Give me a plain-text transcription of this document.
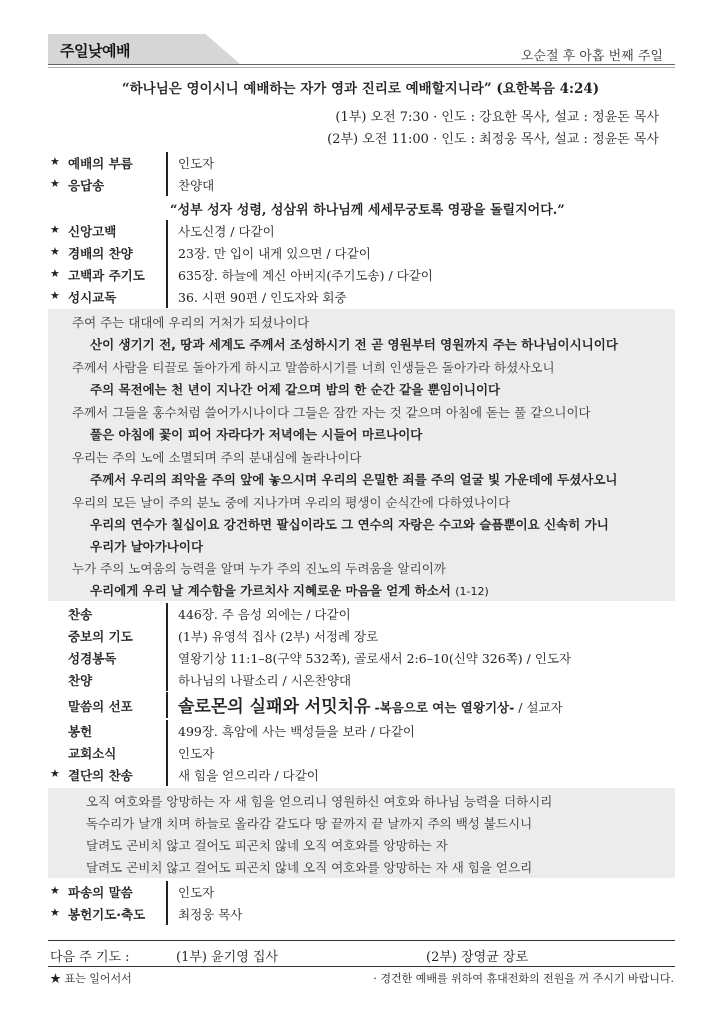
주일낮예배	오순절 후 아홉 번째 주일
“하나님은 영이시니 예배하는 자가 영과 진리로 예배할지니라” (요한복음 4:24)
(1부) 오전 7:30 · 인도 : 강요한 목사, 설교 : 정윤돈 목사
(2부) 오전 11:00 · 인도 : 최정웅 목사, 설교 : 정윤돈 목사
★ 예배의 부름	인도자
★ 응답송	찬양대
“성부 성자 성령, 성삼위 하나님께 세세무궁토록 영광을 돌릴지어다.”
★ 신앙고백	사도신경 / 다같이
★ 경배의 찬양	23장. 만 입이 내게 있으면 / 다같이
★ 고백과 주기도	635장. 하늘에 계신 아버지(주기도송) / 다같이
★ 성시교독	36. 시편 90편 / 인도자와 회중
주여 주는 대대에 우리의 거처가 되셨나이다
산이 생기기 전, 땅과 세계도 주께서 조성하시기 전 곧 영원부터 영원까지 주는 하나님이시니이다
주께서 사람을 티끌로 돌아가게 하시고 말씀하시기를 너희 인생들은 돌아가라 하셨사오니
주의 목전에는 천 년이 지나간 어제 같으며 밤의 한 순간 같을 뿐임이니이다
주께서 그들을 홍수처럼 쓸어가시나이다 그들은 잠깐 자는 것 같으며 아침에 돋는 풀 같으니이다
풀은 아침에 꽃이 피어 자라다가 저녁에는 시들어 마르나이다
우리는 주의 노에 소멸되며 주의 분내심에 놀라나이다
주께서 우리의 죄악을 주의 앞에 놓으시며 우리의 은밀한 죄를 주의 얼굴 빛 가운데에 두셨사오니
우리의 모든 날이 주의 분노 중에 지나가며 우리의 평생이 순식간에 다하였나이다
우리의 연수가 칠십이요 강건하면 팔십이라도 그 연수의 자랑은 수고와 슬픔뿐이요 신속히 가니
우리가 날아가나이다
누가 주의 노여움의 능력을 알며 누가 주의 진노의 두려움을 알리이까
우리에게 우리 날 계수함을 가르치사 지혜로운 마음을 얻게 하소서 (1-12)
찬송	446장. 주 음성 외에는 / 다같이
중보의 기도	(1부) 유영석 집사 (2부) 서정례 장로
성경봉독	열왕기상 11:1–8(구약 532쪽), 골로새서 2:6–10(신약 326쪽) / 인도자
찬양	하나님의 나팔소리 / 시온찬양대
말씀의 선포	솔로몬의 실패와 서밋치유 -복음으로 여는 열왕기상- / 설교자
봉헌	499장. 흑암에 사는 백성들을 보라 / 다같이
교회소식	인도자
★ 결단의 찬송	새 힘을 얻으리라 / 다같이
오직 여호와를 앙망하는 자 새 힘을 얻으리니 영원하신 여호와 하나님 능력을 더하시리
독수리가 날개 치며 하늘로 올라감 같도다 땅 끝까지 끝 날까지 주의 백성 붙드시니
달려도 곤비치 않고 걸어도 피곤치 않네 오직 여호와를 앙망하는 자
달려도 곤비치 않고 걸어도 피곤치 않네 오직 여호와를 앙망하는 자 새 힘을 얻으리
★ 파송의 말씀	인도자
★ 봉헌기도·축도	최정웅 목사
다음 주 기도 :	(1부) 윤기영 집사	(2부) 장영균 장로
★ 표는 일어서서	· 경건한 예배를 위하여 휴대전화의 전원을 꺼 주시기 바랍니다.
